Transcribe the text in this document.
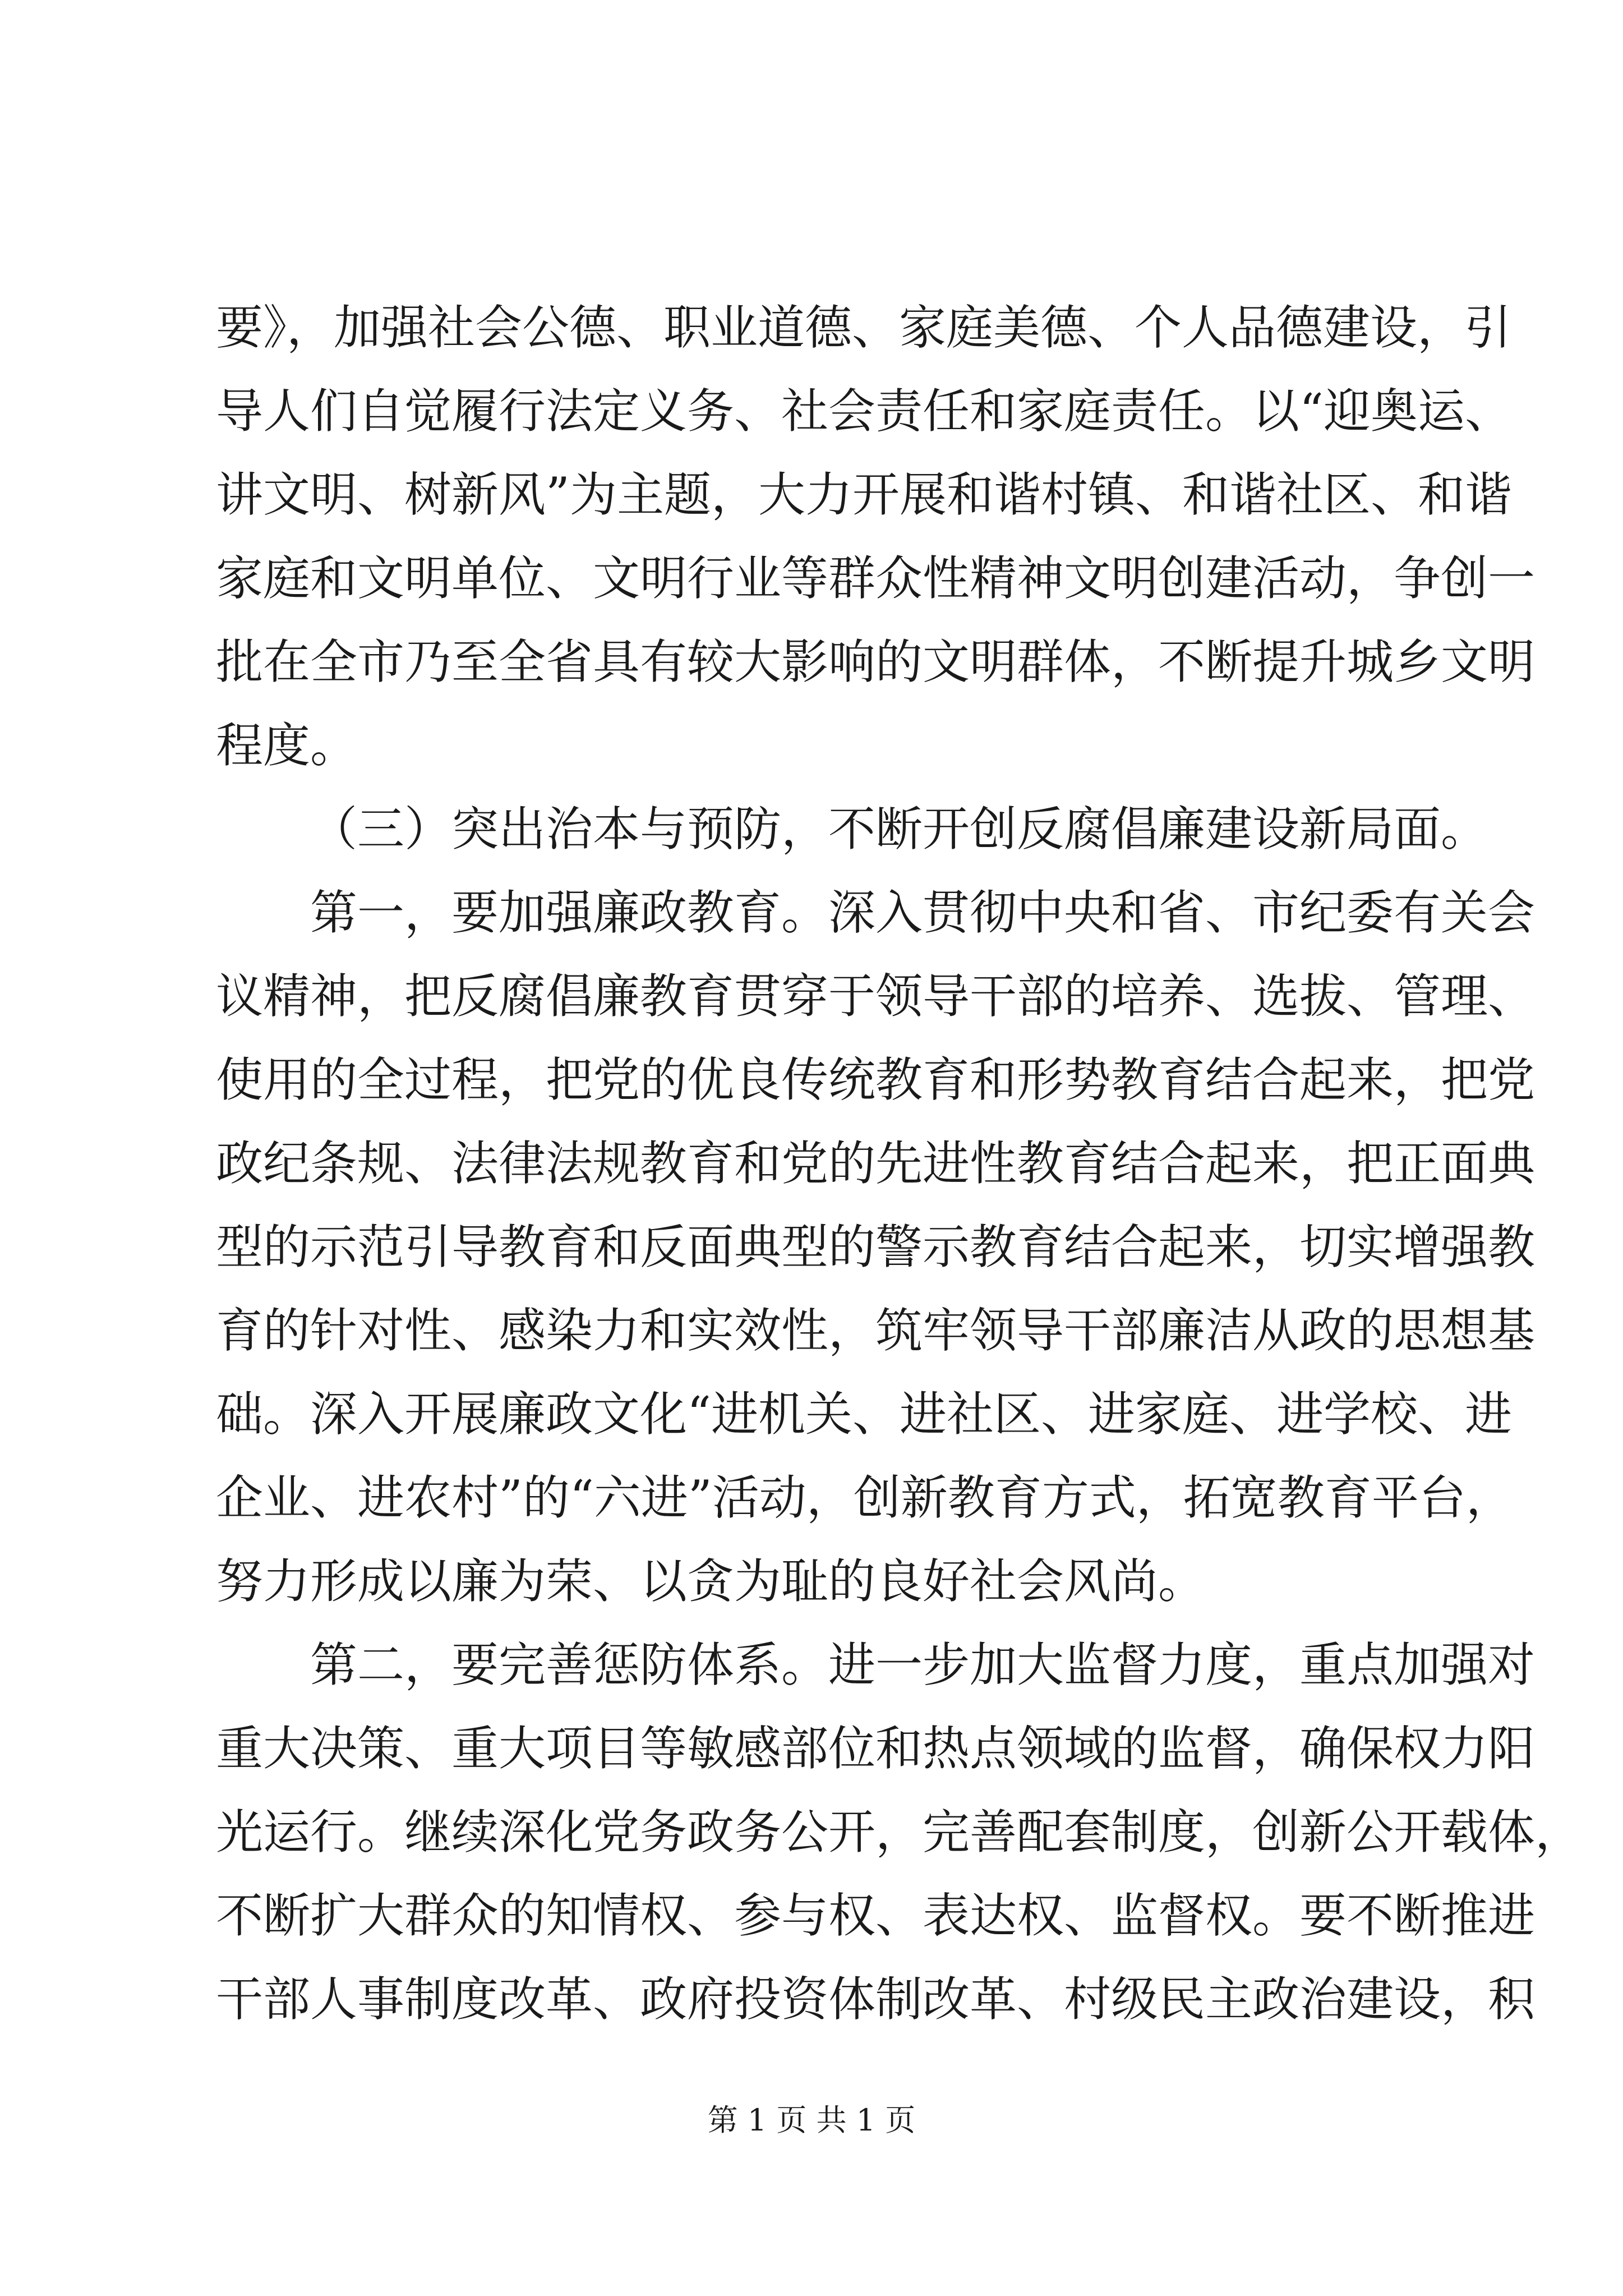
要》，加强社会公德、职业道德、家庭美德、个人品德建设，引
导人们自觉履行法定义务、社会责任和家庭责任。以“迎奥运、
讲文明、树新风”为主题，大力开展和谐村镇、和谐社区、和谐
家庭和文明单位、文明行业等群众性精神文明创建活动，争创一
批在全市乃至全省具有较大影响的文明群体，不断提升城乡文明
程度。
（三）突出治本与预防，不断开创反腐倡廉建设新局面。
第一，要加强廉政教育。深入贯彻中央和省、市纪委有关会
议精神，把反腐倡廉教育贯穿于领导干部的培养、选拔、管理、
使用的全过程，把党的优良传统教育和形势教育结合起来，把党
政纪条规、法律法规教育和党的先进性教育结合起来，把正面典
型的示范引导教育和反面典型的警示教育结合起来，切实增强教
育的针对性、感染力和实效性，筑牢领导干部廉洁从政的思想基
础。深入开展廉政文化“进机关、进社区、进家庭、进学校、进
企业、进农村”的“六进”活动，创新教育方式，拓宽教育平台，
努力形成以廉为荣、以贪为耻的良好社会风尚。
第二，要完善惩防体系。进一步加大监督力度，重点加强对
重大决策、重大项目等敏感部位和热点领域的监督，确保权力阳
光运行。继续深化党务政务公开，完善配套制度，创新公开载体，
不断扩大群众的知情权、参与权、表达权、监督权。要不断推进
干部人事制度改革、政府投资体制改革、村级民主政治建设，积
第 1 页 共 1 页
